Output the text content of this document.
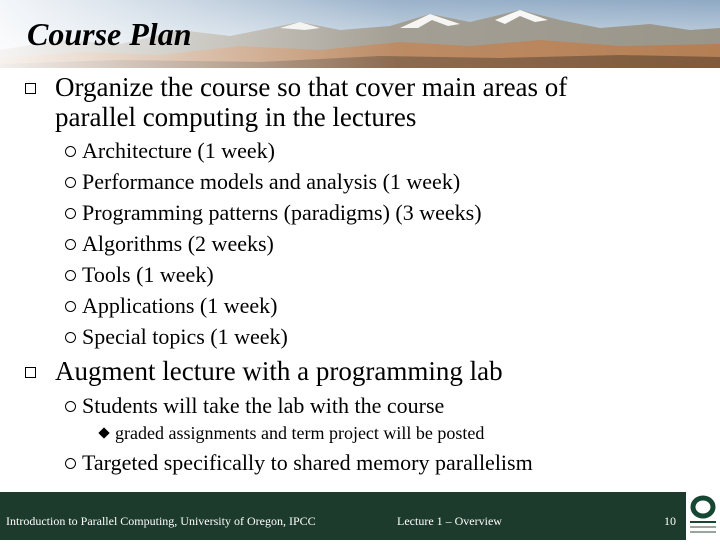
Course Plan
Organize the course so that cover main areas of
parallel computing in the lectures
Architecture (1 week)
Performance models and analysis (1 week)
Programming patterns (paradigms) (3 weeks)
Algorithms (2 weeks)
Tools (1 week)
Applications (1 week)
Special topics (1 week)
Augment lecture with a programming lab
Students will take the lab with the course
graded assignments and term project will be posted
Targeted specifically to shared memory parallelism
Introduction to Parallel Computing, University of Oregon, IPCC	Lecture 1 – Overview	10
